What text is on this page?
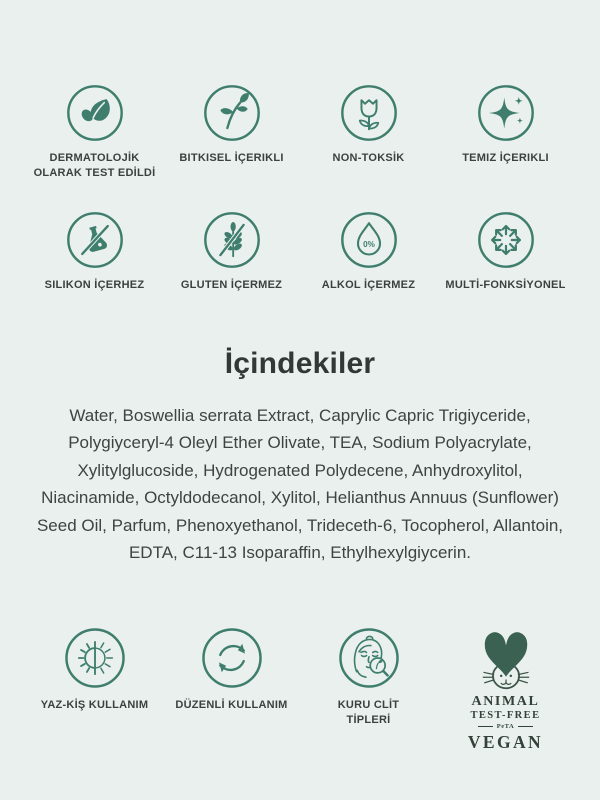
DERMATOLOJİK OLARAK TEST EDİLDİ
BITKISEL İÇERIKLI	NON-TOKSİK	TEMIZ İÇERIKLI
SILIKON İÇERHEZ	GLUTEN İÇERMEZ
0%
ALKOL İÇERMEZ	MULTİ-FONKSİYONEL
İçindekiler
Water, Boswellia serrata Extract, Caprylic Capric Trigiyceride,
Polygiyceryl-4 Oleyl Ether Olivate, TEA, Sodium Polyacrylate,
Xylitylglucoside, Hydrogenated Polydecene, Anhydroxylitol,
Niacinamide, Octyldodecanol, Xylitol, Helianthus Annuus (Sunflower)
Seed Oil, Parfum, Phenoxyethanol, Trideceth-6, Tocopherol, Allantoin,
EDTA, C11-13 Isoparaffin, Ethylhexylgiycerin.
YAZ-KİŞ KULLANIM DÜZENLİ KULLANIM	KURU CLİT TİPLERİ
ANIMAL
TEST-FREE
PeTA
VEGAN
